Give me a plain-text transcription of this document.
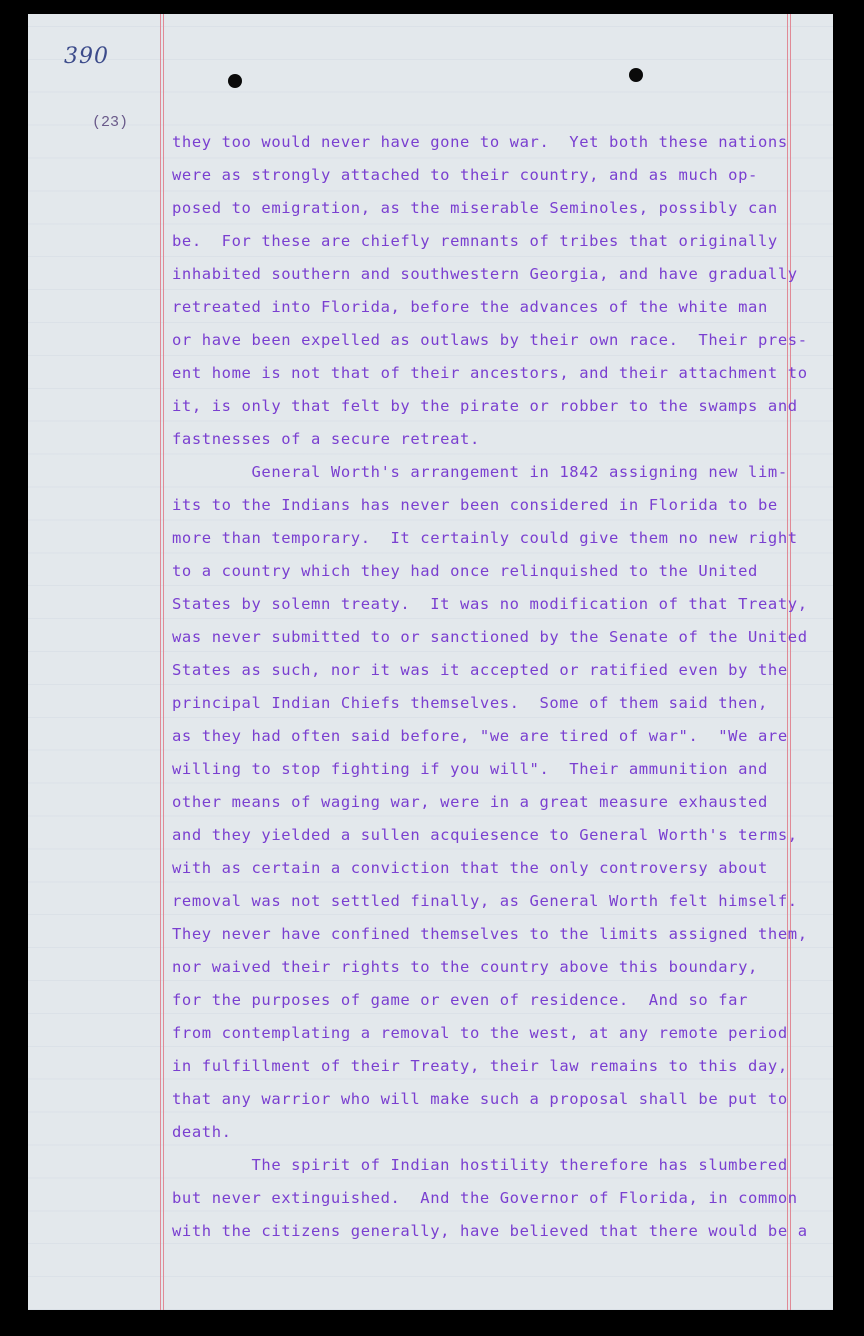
390
(23)
they too would never have gone to war.  Yet both these nations
were as strongly attached to their country, and as much op-
posed to emigration, as the miserable Seminoles, possibly can
be.  For these are chiefly remnants of tribes that originally
inhabited southern and southwestern Georgia, and have gradually
retreated into Florida, before the advances of the white man
or have been expelled as outlaws by their own race.  Their pres-
ent home is not that of their ancestors, and their attachment to
it, is only that felt by the pirate or robber to the swamps and
fastnesses of a secure retreat.
General Worth's arrangement in 1842 assigning new lim-
its to the Indians has never been considered in Florida to be
more than temporary.  It certainly could give them no new right
to a country which they had once relinquished to the United
States by solemn treaty.  It was no modification of that Treaty,
was never submitted to or sanctioned by the Senate of the United
States as such, nor it was it accepted or ratified even by the
principal Indian Chiefs themselves.  Some of them said then,
as they had often said before, "we are tired of war".  "We are
willing to stop fighting if you will".  Their ammunition and
other means of waging war, were in a great measure exhausted
and they yielded a sullen acquiesence to General Worth's terms,
with as certain a conviction that the only controversy about
removal was not settled finally, as General Worth felt himself.
They never have confined themselves to the limits assigned them,
nor waived their rights to the country above this boundary,
for the purposes of game or even of residence.  And so far
from contemplating a removal to the west, at any remote period
in fulfillment of their Treaty, their law remains to this day,
that any warrior who will make such a proposal shall be put to
death.
The spirit of Indian hostility therefore has slumbered
but never extinguished.  And the Governor of Florida, in common
with the citizens generally, have believed that there would be a
